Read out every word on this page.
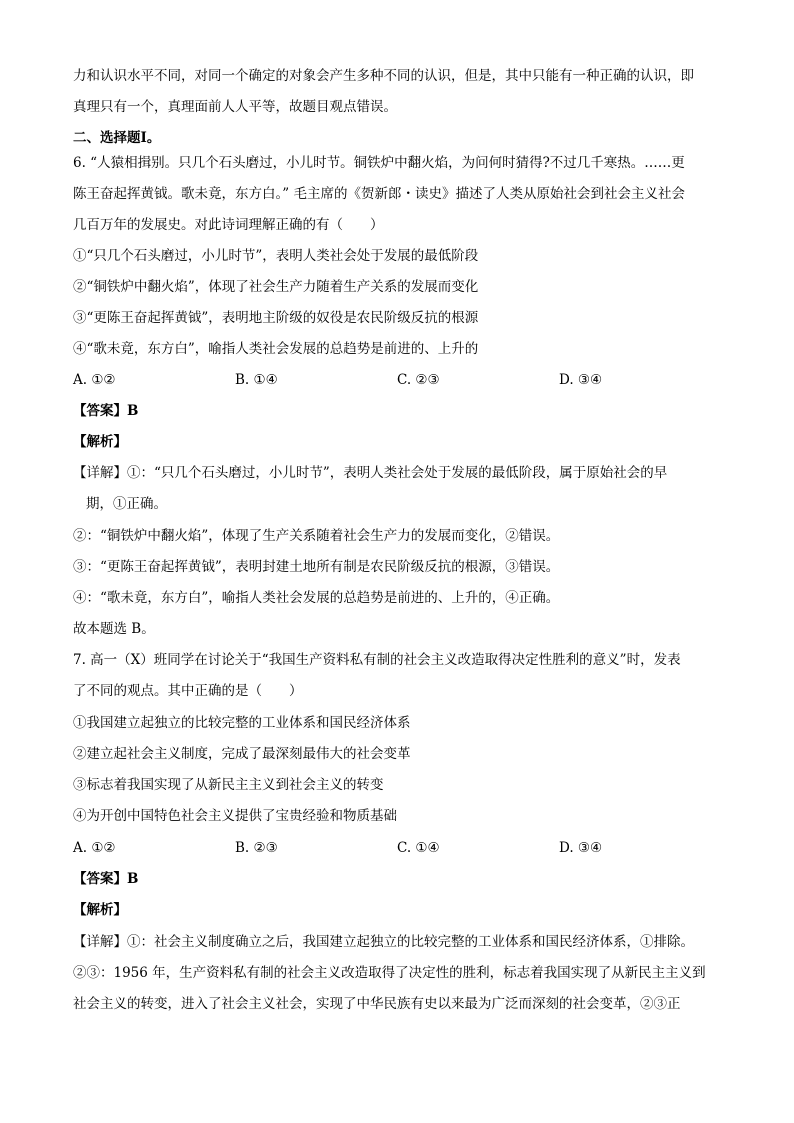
力和认识水平不同，对同一个确定的对象会产生多种不同的认识，但是，其中只能有一种正确的认识，即
真理只有一个，真理面前人人平等，故题目观点错误。
二、选择题Ⅰ。
6. “人猿相揖别。只几个石头磨过，小儿时节。铜铁炉中翻火焰，为问何时猜得?不过几千寒热。……更
陈王奋起挥黄钺。歌未竟，东方白。” 毛主席的《贺新郎・读史》描述了人类从原始社会到社会主义社会
几百万年的发展史。对此诗词理解正确的有（　　）
①“只几个石头磨过，小儿时节”，表明人类社会处于发展的最低阶段
②“铜铁炉中翻火焰”，体现了社会生产力随着生产关系的发展而变化
③“更陈王奋起挥黄钺”，表明地主阶级的奴役是农民阶级反抗的根源
④“歌未竟，东方白”，喻指人类社会发展的总趋势是前进的、上升的
A. ①②	B. ①④	C. ②③	D. ③④
【答案】B
【解析】
【详解】①：“只几个石头磨过，小儿时节”，表明人类社会处于发展的最低阶段，属于原始社会的早
期，①正确。
②：“铜铁炉中翻火焰”，体现了生产关系随着社会生产力的发展而变化，②错误。
③：“更陈王奋起挥黄钺”，表明封建土地所有制是农民阶级反抗的根源，③错误。
④：“歌未竟，东方白”，喻指人类社会发展的总趋势是前进的、上升的，④正确。
故本题选 B。
7. 高一（X）班同学在讨论关于“我国生产资料私有制的社会主义改造取得决定性胜利的意义”时，发表
了不同的观点。其中正确的是（　　）
①我国建立起独立的比较完整的工业体系和国民经济体系
②建立起社会主义制度，完成了最深刻最伟大的社会变革
③标志着我国实现了从新民主主义到社会主义的转变
④为开创中国特色社会主义提供了宝贵经验和物质基础
A. ①②	B. ②③	C. ①④	D. ③④
【答案】B
【解析】
【详解】①：社会主义制度确立之后，我国建立起独立的比较完整的工业体系和国民经济体系，①排除。
②③：1956 年，生产资料私有制的社会主义改造取得了决定性的胜利，标志着我国实现了从新民主主义到
社会主义的转变，进入了社会主义社会，实现了中华民族有史以来最为广泛而深刻的社会变革，②③正
